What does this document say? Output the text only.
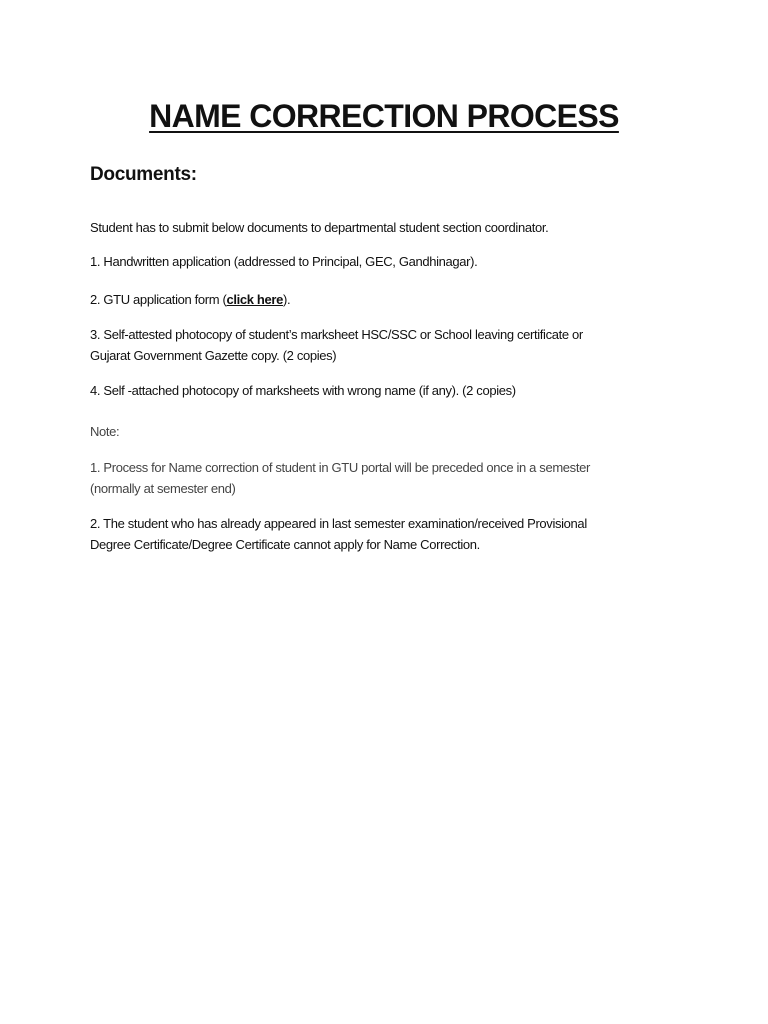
NAME CORRECTION PROCESS
Documents:
Student has to submit below documents to departmental student section coordinator.
1. Handwritten application (addressed to Principal, GEC, Gandhinagar).
2. GTU application form (click here).
3. Self-attested photocopy of student’s marksheet HSC/SSC or School leaving certificate or
Gujarat Government Gazette copy. (2 copies)
4. Self -attached photocopy of marksheets with wrong name (if any). (2 copies)
Note:
1. Process for Name correction of student in GTU portal will be preceded once in a semester
(normally at semester end)
2. The student who has already appeared in last semester examination/received Provisional
Degree Certificate/Degree Certificate cannot apply for Name Correction.
